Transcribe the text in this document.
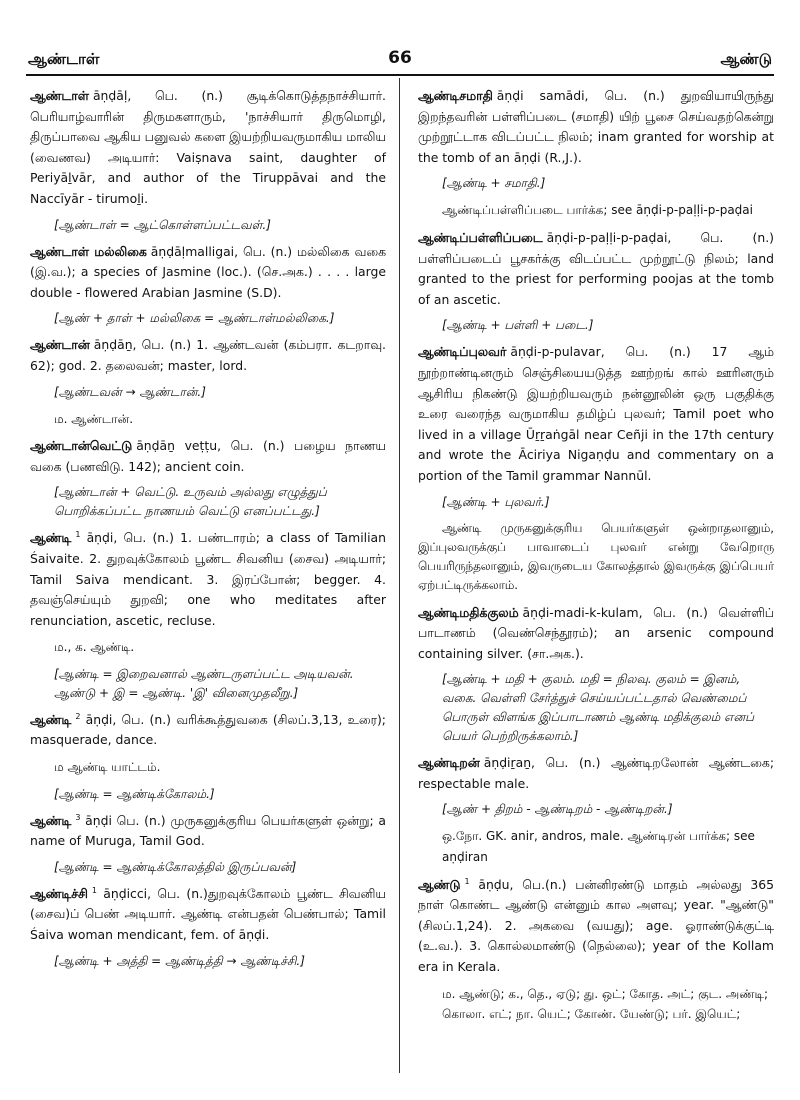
ஆண்டாள்	66	ஆண்டு
ஆண்டாள் āṇḍāḷ, பெ. (n.) சூடிக்கொடுத்தநாச்சியார். பெரியாழ்வாரின் திருமகளாரும், 'நாச்சியார் திருமொழி, திருப்பாவை ஆகிய பனுவல் களை இயற்றியவருமாகிய மாலிய (வைணவ) அடியார்: Vaiṣnava saint, daughter of Periyāḻvār, and author of the Tiruppāvai and the Naccīyār - tirumoḻi.
[ஆண்டாள் = ஆட்கொள்ளப்பட்டவள்.]
ஆண்டாள் மல்லிகை āṇḍāḷmalligai, பெ. (n.) மல்லிகை வகை (இ.வ.); a species of Jasmine (loc.). (செ.அக.) . . . . large double - flowered Arabian Jasmine (S.D).
[ஆண் + தாள் + மல்லிகை = ஆண்டாள்மல்லிகை.]
ஆண்டான் āṇḍāṉ, பெ. (n.) 1. ஆண்டவன் (கம்பரா. கடறாவு. 62); god. 2. தலைவன்; master, lord.
[ஆண்டவன் → ஆண்டான்.]
ம. ஆண்டான்.
ஆண்டான்வெட்டு āṇḍāṉ veṭṭu, பெ. (n.) பழைய நாணய வகை (பணவிடு. 142); ancient coin.
[ஆண்டான் + வெட்டு. உருவம் அல்லது எழுத்துப் பொறிக்கப்பட்ட நாணயம் வெட்டு எனப்பட்டது.]
ஆண்டி $^1$ āṇḍi, பெ. (n.) 1. பண்டாரம்; a class of Tamilian Śaivaite. 2. துறவுக்கோலம் பூண்ட சிவனிய (சைவ) அடியார்; Tamil Saiva mendicant. 3. இரப்போன்; begger. 4. தவஞ்செய்யும் துறவி; one who meditates after renunciation, ascetic, recluse.
ம., க. ஆண்டி.
[ஆண்டி = இறைவனால் ஆண்டருளப்பட்ட அடியவன். ஆண்டு + இ = ஆண்டி. 'இ' வினைமுதலீறு.]
ஆண்டி $^2$ āṇḍi, பெ. (n.) வரிக்கூத்துவகை (சிலப்.3,13, உரை); masquerade, dance.
ம ஆண்டி யாட்டம்.
[ஆண்டி = ஆண்டிக்கோலம்.]
ஆண்டி $^3$ āṇḍi பெ. (n.) முருகனுக்குரிய பெயர்களுள் ஒன்று; a name of Muruga, Tamil God.
[ஆண்டி = ஆண்டிக்கோலத்தில் இருப்பவன்]
ஆண்டிச்சி $^1$ āṇḍicci, பெ. (n.)துறவுக்கோலம் பூண்ட சிவனிய (சைவ)ப் பெண் அடியார். ஆண்டி என்பதன் பெண்பால்; Tamil Śaiva woman mendicant, fem. of āṇḍi.
[ஆண்டி + அத்தி = ஆண்டித்தி → ஆண்டிச்சி.]
ஆண்டிசமாதி āṇḍi samādi, பெ. (n.) துறவியாயிருந்து இறந்தவரின் பள்ளிப்படை (சமாதி) யிற் பூசை செய்வதற்கென்று முற்றூட்டாக விடப்பட்ட நிலம்; inam granted for worship at the tomb of an āṇḍi (R.,J.).
[ஆண்டி + சமாதி.]
ஆண்டிப்பள்ளிப்படை பார்க்க; see āṇḍi-p-paḷḷi-p-paḍai
ஆண்டிப்பள்ளிப்படை āṇḍi-p-paḷḷi-p-paḍai, பெ. (n.) பள்ளிப்படைப் பூசகர்க்கு விடப்பட்ட முற்றூட்டு நிலம்; land granted to the priest for performing poojas at the tomb of an ascetic.
[ஆண்டி + பள்ளி + படை.]
ஆண்டிப்புலவர் āṇḍi-p-pulavar, பெ. (n.) 17 ஆம் நூற்றாண்டினரும் செஞ்சியையடுத்த ஊற்றங் கால் ஊரினரும் ஆசிரிய நிகண்டு இயற்றியவரும் நன்னூலின் ஒரு பகுதிக்கு உரை வரைந்த வருமாகிய தமிழ்ப் புலவர்; Tamil poet who lived in a village Ūṟṟaṅgāl near Ceñji in the 17th century and wrote the Āciriya Nigaṇḍu and commentary on a portion of the Tamil grammar Nannūl.
[ஆண்டி + புலவர்.]
ஆண்டி முருகனுக்குரிய பெயர்களுள் ஒன்றாதலானும், இப்புலவருக்குப் பாவாடைப் புலவர் என்று வேறொரு பெயரிருந்தலானும், இவருடைய கோலத்தால் இவருக்கு இப்பெயர் ஏற்பட்டிருக்கலாம்.
ஆண்டிமதிக்குலம் āṇḍi-madi-k-kulam, பெ. (n.) வெள்ளிப் பாடாணம் (வெண்செந்தூரம்); an arsenic compound containing silver. (சா.அக.).
[ஆண்டி + மதி + குலம். மதி = நிலவு. குலம் = இனம், வகை. வெள்ளி சேர்த்துச் செய்யப்பட்டதால் வெண்மைப் பொருள் விளங்க இப்பாடாணம் ஆண்டி மதிக்குலம் எனப் பெயர் பெற்றிருக்கலாம்.]
ஆண்டிறன் āṇḍiṟaṉ, பெ. (n.) ஆண்டிறலோன் ஆண்டகை; respectable male.
[ஆண் + திறம் - ஆண்டிறம் - ஆண்டிறன்.]
ஒ.நோ. GK. anir, andros, male. ஆண்டிரன் பார்க்க; see aṇḍiran
ஆண்டு $^1$ āṇḍu, பெ.(n.) பன்னிரண்டு மாதம் அல்லது 365 நாள் கொண்ட ஆண்டு என்னும் கால அளவு; year. "ஆண்டு" (சிலப்.1,24). 2. அகவை (வயது); age. ஓராண்டுக்குட்டி (உ.வ.). 3. கொல்லமாண்டு (நெல்லை); year of the Kollam era in Kerala.
ம. ஆண்டு; க., தெ., ஏடு; து. ஒட்; கோத. அட்; குட. அண்டி; கொலா. எட்; நா. யெட்; கோண். யேண்டு; பர். இயெட்;
